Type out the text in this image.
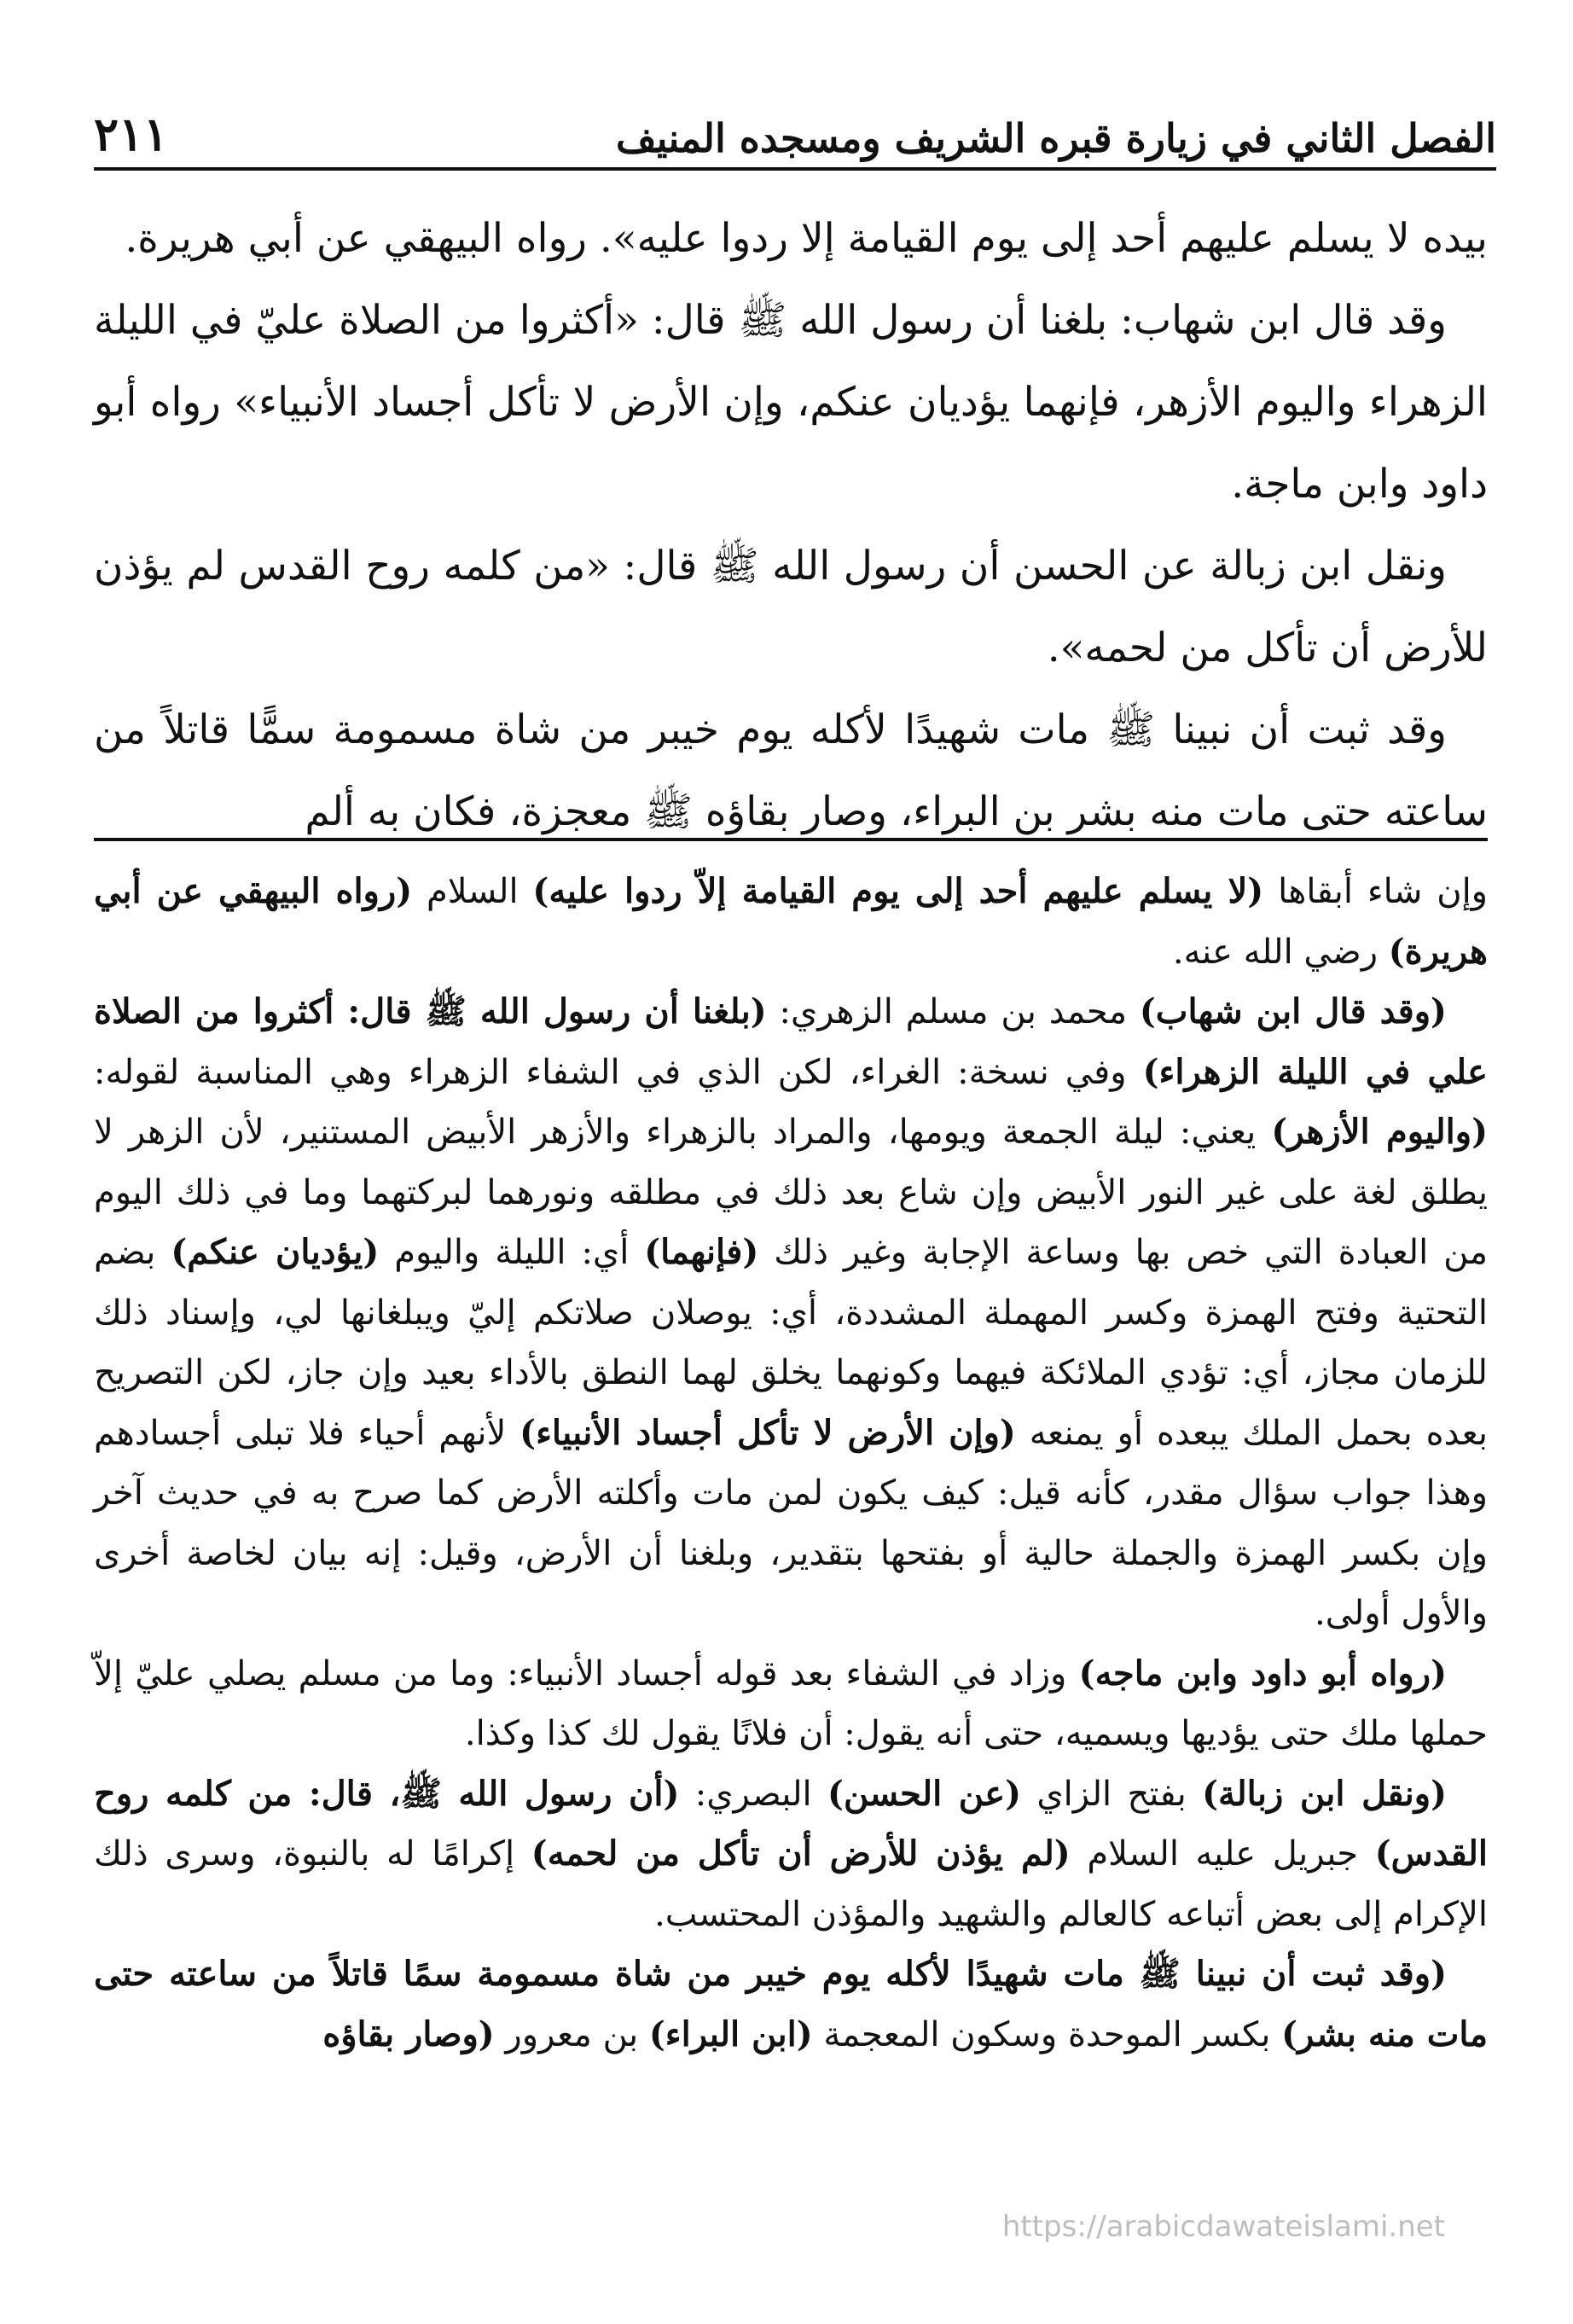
الفصل الثاني في زيارة قبره الشريف ومسجده المنيف
٢١١

بيده لا يسلم عليهم أحد إلى يوم القيامة إلا ردوا عليه». رواه البيهقي عن أبي هريرة.

وقد قال ابن شهاب: بلغنا أن رسول الله ﷺ قال: «أكثروا من الصلاة عليّ في الليلة الزهراء واليوم الأزهر، فإنهما يؤديان عنكم، وإن الأرض لا تأكل أجساد الأنبياء» رواه أبو داود وابن ماجة.

ونقل ابن زبالة عن الحسن أن رسول الله ﷺ قال: «من كلمه روح القدس لم يؤذن للأرض أن تأكل من لحمه».

وقد ثبت أن نبينا ﷺ مات شهيدًا لأكله يوم خيبر من شاة مسمومة سمًّا قاتلاً من ساعته حتى مات منه بشر بن البراء، وصار بقاؤه ﷺ معجزة، فكان به ألم

وإن شاء أبقاها (لا يسلم عليهم أحد إلى يوم القيامة إلاّ ردوا عليه) السلام (رواه البيهقي عن أبي هريرة) رضي الله عنه.

(وقد قال ابن شهاب) محمد بن مسلم الزهري: (بلغنا أن رسول الله ﷺ قال: أكثروا من الصلاة علي في الليلة الزهراء) وفي نسخة: الغراء، لكن الذي في الشفاء الزهراء وهي المناسبة لقوله: (واليوم الأزهر) يعني: ليلة الجمعة ويومها، والمراد بالزهراء والأزهر الأبيض المستنير، لأن الزهر لا يطلق لغة على غير النور الأبيض وإن شاع بعد ذلك في مطلقه ونورهما لبركتهما وما في ذلك اليوم من العبادة التي خص بها وساعة الإجابة وغير ذلك (فإنهما) أي: الليلة واليوم (يؤديان عنكم) بضم التحتية وفتح الهمزة وكسر المهملة المشددة، أي: يوصلان صلاتكم إليّ ويبلغانها لي، وإسناد ذلك للزمان مجاز، أي: تؤدي الملائكة فيهما وكونهما يخلق لهما النطق بالأداء بعيد وإن جاز، لكن التصريح بعده بحمل الملك يبعده أو يمنعه (وإن الأرض لا تأكل أجساد الأنبياء) لأنهم أحياء فلا تبلى أجسادهم وهذا جواب سؤال مقدر، كأنه قيل: كيف يكون لمن مات وأكلته الأرض كما صرح به في حديث آخر وإن بكسر الهمزة والجملة حالية أو بفتحها بتقدير، وبلغنا أن الأرض، وقيل: إنه بيان لخاصة أخرى والأول أولى.

(رواه أبو داود وابن ماجه) وزاد في الشفاء بعد قوله أجساد الأنبياء: وما من مسلم يصلي عليّ إلاّ حملها ملك حتى يؤديها ويسميه، حتى أنه يقول: أن فلانًا يقول لك كذا وكذا.

(ونقل ابن زبالة) بفتح الزاي (عن الحسن) البصري: (أن رسول الله ﷺ، قال: من كلمه روح القدس) جبريل عليه السلام (لم يؤذن للأرض أن تأكل من لحمه) إكرامًا له بالنبوة، وسرى ذلك الإكرام إلى بعض أتباعه كالعالم والشهيد والمؤذن المحتسب.

(وقد ثبت أن نبينا ﷺ مات شهيدًا لأكله يوم خيبر من شاة مسمومة سمًا قاتلاً من ساعته حتى مات منه بشر) بكسر الموحدة وسكون المعجمة (ابن البراء) بن معرور (وصار بقاؤه

https://arabicdawateislami.net
